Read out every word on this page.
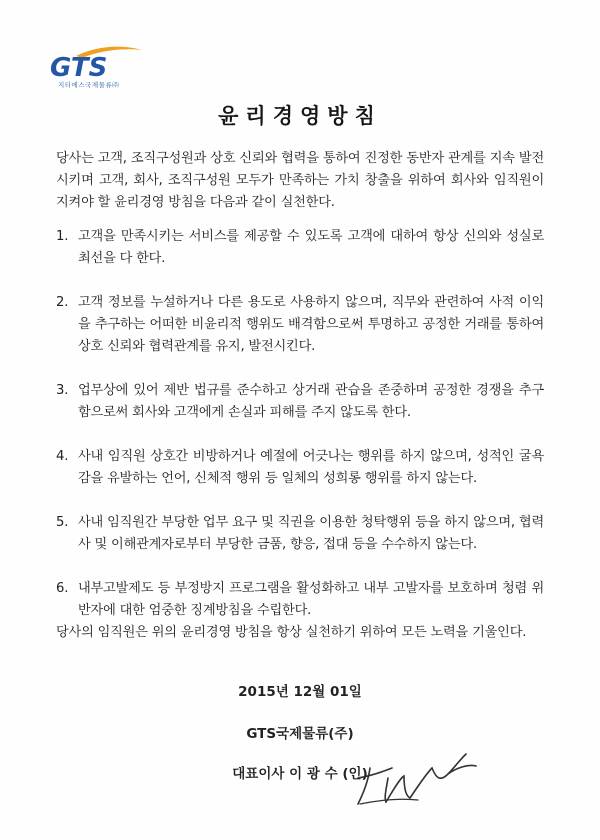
GTS
지티에스국제물류㈜
윤리경영방침
당사는 고객, 조직구성원과 상호 신뢰와 협력을 통하여 진정한 동반자 관계를 지속 발전시키며 고객, 회사, 조직구성원 모두가 만족하는 가치 창출을 위하여 회사와 임직원이 지켜야 할 윤리경영 방침을 다음과 같이 실천한다.
1. 고객을 만족시키는 서비스를 제공할 수 있도록 고객에 대하여 항상 신의와 성실로 최선을 다 한다.
2. 고객 정보를 누설하거나 다른 용도로 사용하지 않으며, 직무와 관련하여 사적 이익을 추구하는 어떠한 비윤리적 행위도 배격함으로써 투명하고 공정한 거래를 통하여 상호 신뢰와 협력관계를 유지, 발전시킨다.
3. 업무상에 있어 제반 법규를 준수하고 상거래 관습을 존중하며 공정한 경쟁을 추구함으로써 회사와 고객에게 손실과 피해를 주지 않도록 한다.
4. 사내 임직원 상호간 비방하거나 예절에 어긋나는 행위를 하지 않으며, 성적인 굴욕감을 유발하는 언어, 신체적 행위 등 일체의 성희롱 행위를 하지 않는다.
5. 사내 임직원간 부당한 업무 요구 및 직권을 이용한 청탁행위 등을 하지 않으며, 협력사 및 이해관계자로부터 부당한 금품, 향응, 접대 등을 수수하지 않는다.
6. 내부고발제도 등 부정방지 프로그램을 활성화하고 내부 고발자를 보호하며 청렴 위반자에 대한 엄중한 징계방침을 수립한다.
당사의 임직원은 위의 윤리경영 방침을 항상 실천하기 위하여 모든 노력을 기울인다.
2015년 12월 01일
GTS국제물류(주)
대표이사 이 광 수 (인)
